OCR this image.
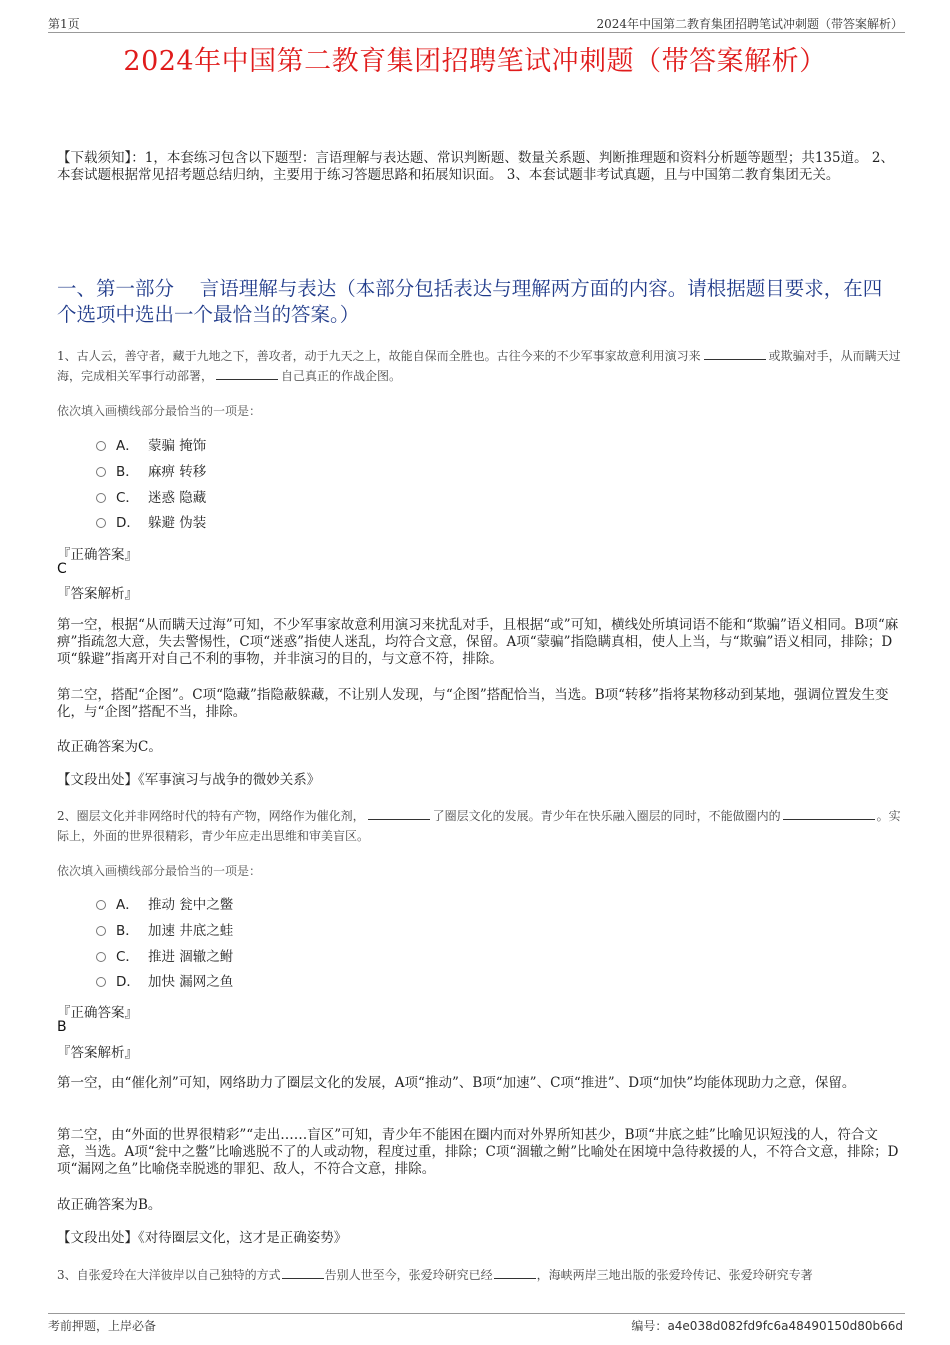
第1页	2024年中国第二教育集团招聘笔试冲刺题（带答案解析）
2024年中国第二教育集团招聘笔试冲刺题（带答案解析）
【下载须知】：1，本套练习包含以下题型：言语理解与表达题、常识判断题、数量关系题、判断推理题和资料分析题等题型；共135道。 2、本套试题根据常见招考题总结归纳，主要用于练习答题思路和拓展知识面。 3、本套试题非考试真题，且与中国第二教育集团无关。
一、第一部分　 言语理解与表达（本部分包括表达与理解两方面的内容。请根据题目要求，在四个选项中选出一个最恰当的答案。）
1、古人云，善守者，藏于九地之下，善攻者，动于九天之上，故能自保而全胜也。古往今来的不少军事家故意利用演习来	或欺骗对手，从而瞒天过海，完成相关军事行动部署，	自己真正的作战企图。
依次填入画横线部分最恰当的一项是：
A． 蒙骗 掩饰
B． 麻痹 转移
C． 迷惑 隐藏
D． 躲避 伪装
『正确答案』
C
『答案解析』
第一空，根据“从而瞒天过海”可知，不少军事家故意利用演习来扰乱对手，且根据“或”可知，横线处所填词语不能和“欺骗”语义相同。B项“麻痹”指疏忽大意，失去警惕性，C项“迷惑”指使人迷乱，均符合文意，保留。A项“蒙骗”指隐瞒真相，使人上当，与“欺骗”语义相同，排除；D项“躲避”指离开对自己不利的事物，并非演习的目的，与文意不符，排除。
第二空，搭配“企图”。C项“隐藏”指隐蔽躲藏，不让别人发现，与“企图”搭配恰当，当选。B项“转移”指将某物移动到某地，强调位置发生变化，与“企图”搭配不当，排除。
故正确答案为C。
【文段出处】《军事演习与战争的微妙关系》
2、圈层文化并非网络时代的特有产物，网络作为催化剂，	了圈层文化的发展。青少年在快乐融入圈层的同时，不能做圈内的	。实际上，外面的世界很精彩，青少年应走出思维和审美盲区。
依次填入画横线部分最恰当的一项是：
A． 推动 瓮中之鳖
B． 加速 井底之蛙
C． 推进 涸辙之鲋
D． 加快 漏网之鱼
『正确答案』
B
『答案解析』
第一空，由“催化剂”可知，网络助力了圈层文化的发展，A项“推动”、B项“加速”、C项“推进”、D项“加快”均能体现助力之意，保留。
第二空，由“外面的世界很精彩”“走出……盲区”可知，青少年不能困在圈内而对外界所知甚少，B项“井底之蛙”比喻见识短浅的人，符合文意，当选。A项“瓮中之鳖”比喻逃脱不了的人或动物，程度过重，排除；C项“涸辙之鲋”比喻处在困境中急待救援的人，不符合文意，排除；D项“漏网之鱼”比喻侥幸脱逃的罪犯、敌人，不符合文意，排除。
故正确答案为B。
【文段出处】《对待圈层文化，这才是正确姿势》
3、自张爱玲在大洋彼岸以自己独特的方式	告别人世至今，张爱玲研究已经	，海峡两岸三地出版的张爱玲传记、张爱玲研究专著
考前押题，上岸必备	编号：a4e038d082fd9fc6a48490150d80b66d
